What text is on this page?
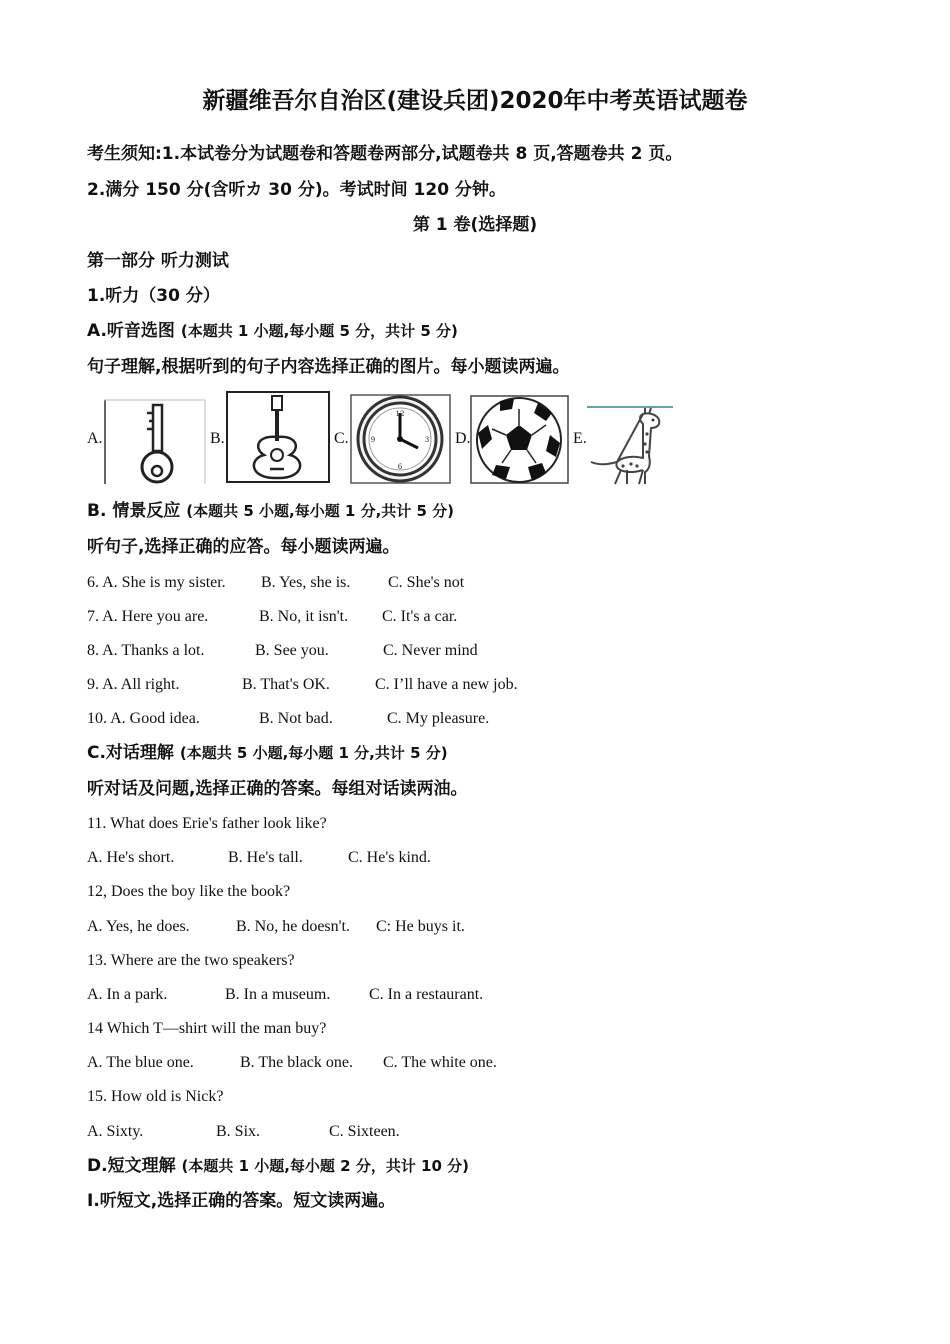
新疆维吾尔自治区(建设兵团)2020年中考英语试题卷
考生须知:1.本试卷分为试题卷和答题卷两部分,试题卷共 8 页,答题卷共 2 页。
2.满分 150 分(含听カ 30 分)。考试时间 120 分钟。
第 1 卷(选择题)
第一部分 听力测试
1.听力（30 分）
A.听音选图 (本题共 1 小题,每小题 5 分，共计 5 分)
句子理解,根据听到的句子内容选择正确的图片。每小题读两遍。
A.	B.	C.	D.	E.
12
3
6
9
B. 情景反应 (本题共 5 小题,每小题 1 分,共计 5 分)
听句子,选择正确的应答。每小题读两遍。
6. A. She is my sister. B. Yes, she is. C. She's not
7. A. Here you are.	B. No, it isn't. C. It's a car.
8. A. Thanks a lot.	B. See you.	C. Never mind
9. A. All right.	B. That's OK.	C. I’ll have a new job.
10. A. Good idea.	B. Not bad.	C. My pleasure.
C.对话理解 (本题共 5 小题,每小题 1 分,共计 5 分)
听对话及问题,选择正确的答案。每组对话读两油。
11. What does Erie's father look like?
A. He's short.	B. He's tall.	C. He's kind.
12, Does the boy like the book?
A. Yes, he does.	B. No, he doesn't. C: He buys it.
13. Where are the two speakers?
A. In a park.	B. In a museum. C. In a restaurant.
14 Which T—shirt will the man buy?
A. The blue one.	B. The black one. C. The white one.
15. How old is Nick?
A. Sixty.	B. Six.	C. Sixteen.
D.短文理解 (本题共 1 小题,每小题 2 分，共计 10 分)
Ⅰ.听短文,选择正确的答案。短文读两遍。
